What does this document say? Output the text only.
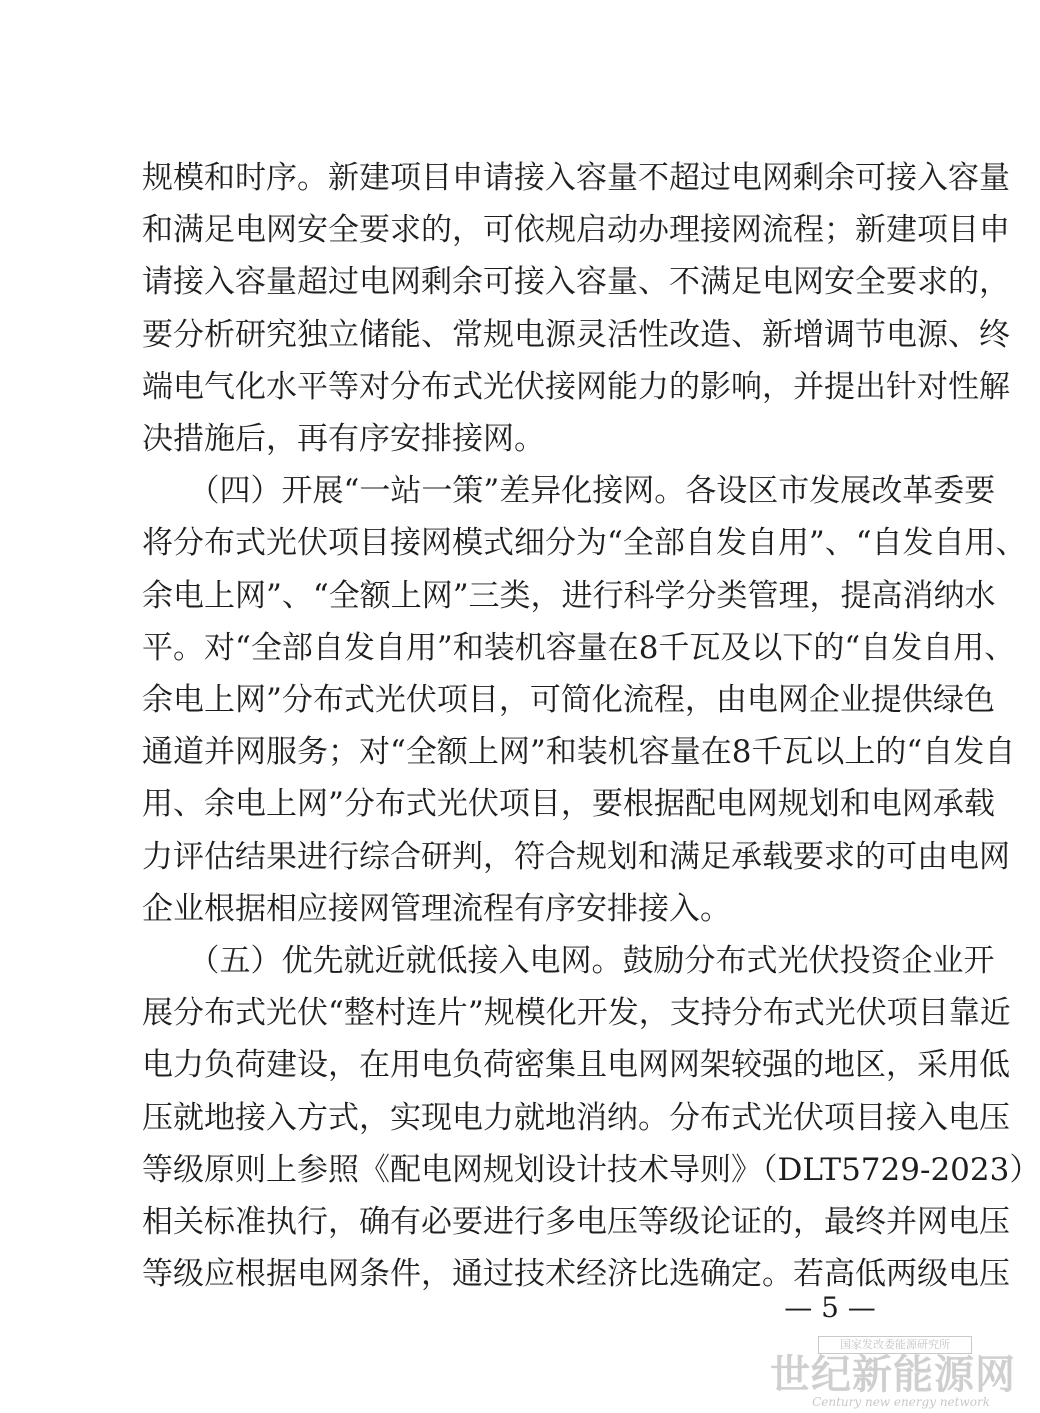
规模和时序。新建项目申请接入容量不超过电网剩余可接入容量
和满足电网安全要求的，可依规启动办理接网流程；新建项目申
请接入容量超过电网剩余可接入容量、不满足电网安全要求的，
要分析研究独立储能、常规电源灵活性改造、新增调节电源、终
端电气化水平等对分布式光伏接网能力的影响，并提出针对性解
决措施后，再有序安排接网。
　　（四）开展“一站一策”差异化接网。各设区市发展改革委要
将分布式光伏项目接网模式细分为“全部自发自用”、“自发自用、
余电上网”、“全额上网”三类，进行科学分类管理，提高消纳水
平。对“全部自发自用”和装机容量在8千瓦及以下的“自发自用、
余电上网”分布式光伏项目，可简化流程，由电网企业提供绿色
通道并网服务；对“全额上网”和装机容量在8千瓦以上的“自发自
用、余电上网”分布式光伏项目，要根据配电网规划和电网承载
力评估结果进行综合研判，符合规划和满足承载要求的可由电网
企业根据相应接网管理流程有序安排接入。
　　（五）优先就近就低接入电网。鼓励分布式光伏投资企业开
展分布式光伏“整村连片”规模化开发，支持分布式光伏项目靠近
电力负荷建设，在用电负荷密集且电网网架较强的地区，采用低
压就地接入方式，实现电力就地消纳。分布式光伏项目接入电压
等级原则上参照《配电网规划设计技术导则》（DLT5729-2023）
相关标准执行，确有必要进行多电压等级论证的，最终并网电压
等级应根据电网条件，通过技术经济比选确定。若高低两级电压
— 5 —
国家发改委能源研究所
世纪新能源网
Century new energy network
